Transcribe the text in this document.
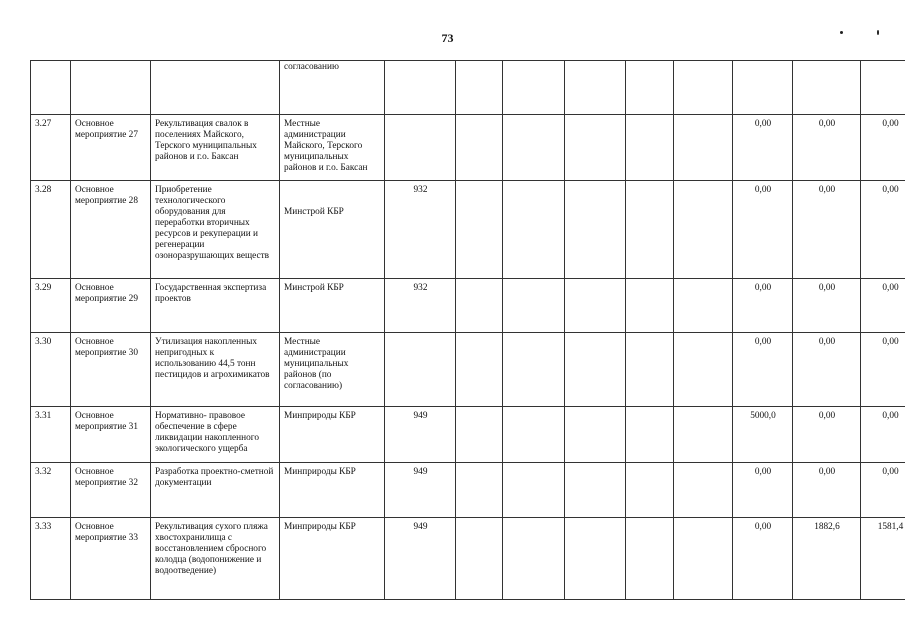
73
			согласованию									
3.27	Основное мероприятие 27	Рекультивация свалок в поселениях Майского, Терского муниципальных районов и г.о. Баксан	Местные администрации Майского, Терского муниципальных районов и г.о. Баксан							0,00	0,00	0,00
3.28	Основное мероприятие 28	Приобретение технологического оборудования для переработки вторичных ресурсов и рекуперации и регенерации озоноразрушающих веществ	Минстрой КБР	932						0,00	0,00	0,00
3.29	Основное мероприятие 29	Государственная экспертиза проектов	Минстрой КБР	932						0,00	0,00	0,00
3.30	Основное мероприятие 30	Утилизация накопленных непригодных к использованию 44,5 тонн пестицидов и агрохимикатов	Местные администрации муниципальных районов (по согласованию)							0,00	0,00	0,00
3.31	Основное мероприятие 31	Нормативно- правовое обеспечение в сфере ликвидации накопленного экологического ущерба	Минприроды КБР	949						5000,0	0,00	0,00
3.32	Основное мероприятие 32	Разработка проектно-сметной документации	Минприроды КБР	949						0,00	0,00	0,00
3.33	Основное мероприятие 33	Рекультивация сухого пляжа хвостохранилища с восстановлением сбросного колодца (водопонижение и водоотведение)	Минприроды КБР	949						0,00	1882,6	1581,4
